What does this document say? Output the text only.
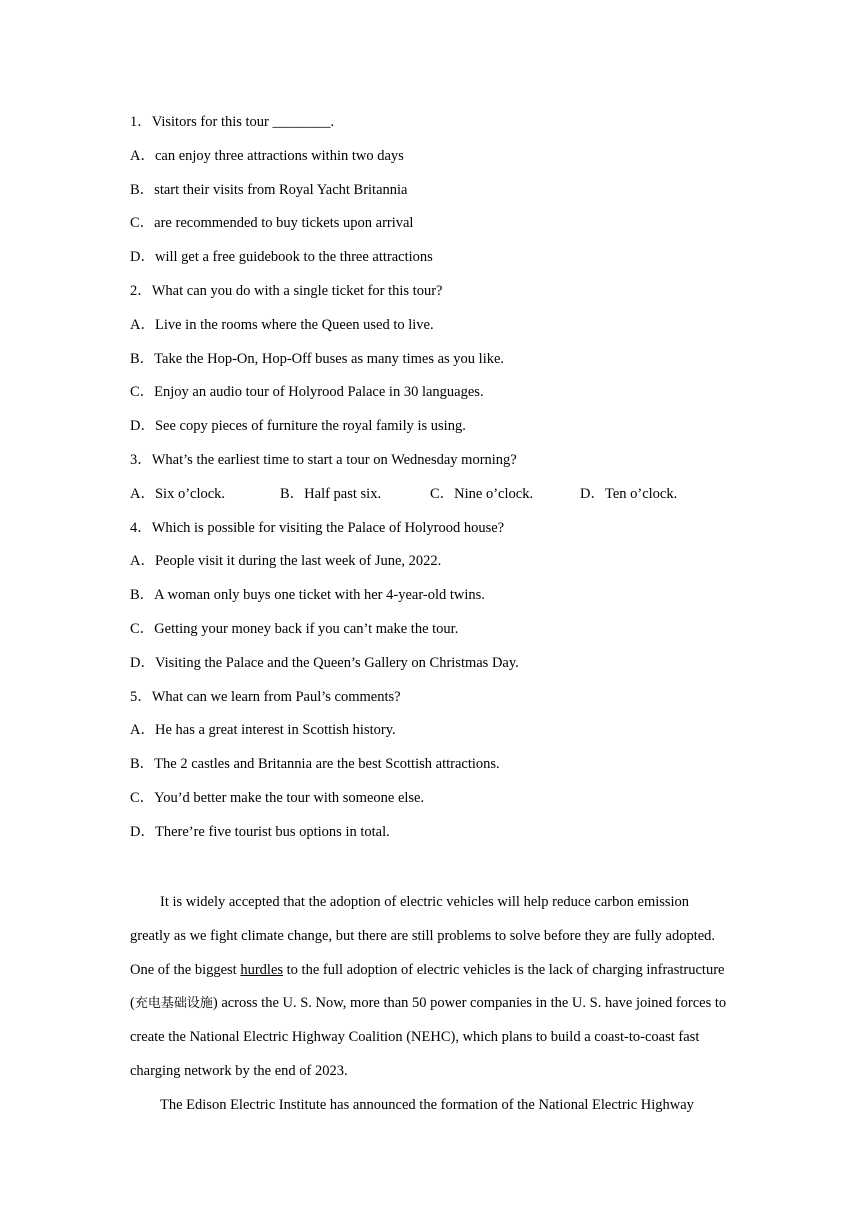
1．Visitors for this tour ________.
A．can enjoy three attractions within two days
B．start their visits from Royal Yacht Britannia
C．are recommended to buy tickets upon arrival
D．will get a free guidebook to the three attractions
2．What can you do with a single ticket for this tour?
A．Live in the rooms where the Queen used to live.
B．Take the Hop-On, Hop-Off buses as many times as you like.
C．Enjoy an audio tour of Holyrood Palace in 30 languages.
D．See copy pieces of furniture the royal family is using.
3．What’s the earliest time to start a tour on Wednesday morning?
A．Six o’clock.	B．Half past six.	C．Nine o’clock.	D．Ten o’clock.
4．Which is possible for visiting the Palace of Holyrood house?
A．People visit it during the last week of June, 2022.
B．A woman only buys one ticket with her 4-year-old twins.
C．Getting your money back if you can’t make the tour.
D．Visiting the Palace and the Queen’s Gallery on Christmas Day.
5．What can we learn from Paul’s comments?
A．He has a great interest in Scottish history.
B．The 2 castles and Britannia are the best Scottish attractions.
C．You’d better make the tour with someone else.
D．There’re five tourist bus options in total.

It is widely accepted that the adoption of electric vehicles will help reduce carbon emission greatly as we fight climate change, but there are still problems to solve before they are fully adopted. One of the biggest hurdles to the full adoption of electric vehicles is the lack of charging infrastructure (充电基础设施) across the U. S. Now, more than 50 power companies in the U. S. have joined forces to create the National Electric Highway Coalition (NEHC), which plans to build a coast-to-coast fast charging network by the end of 2023.

The Edison Electric Institute has announced the formation of the National Electric Highway
